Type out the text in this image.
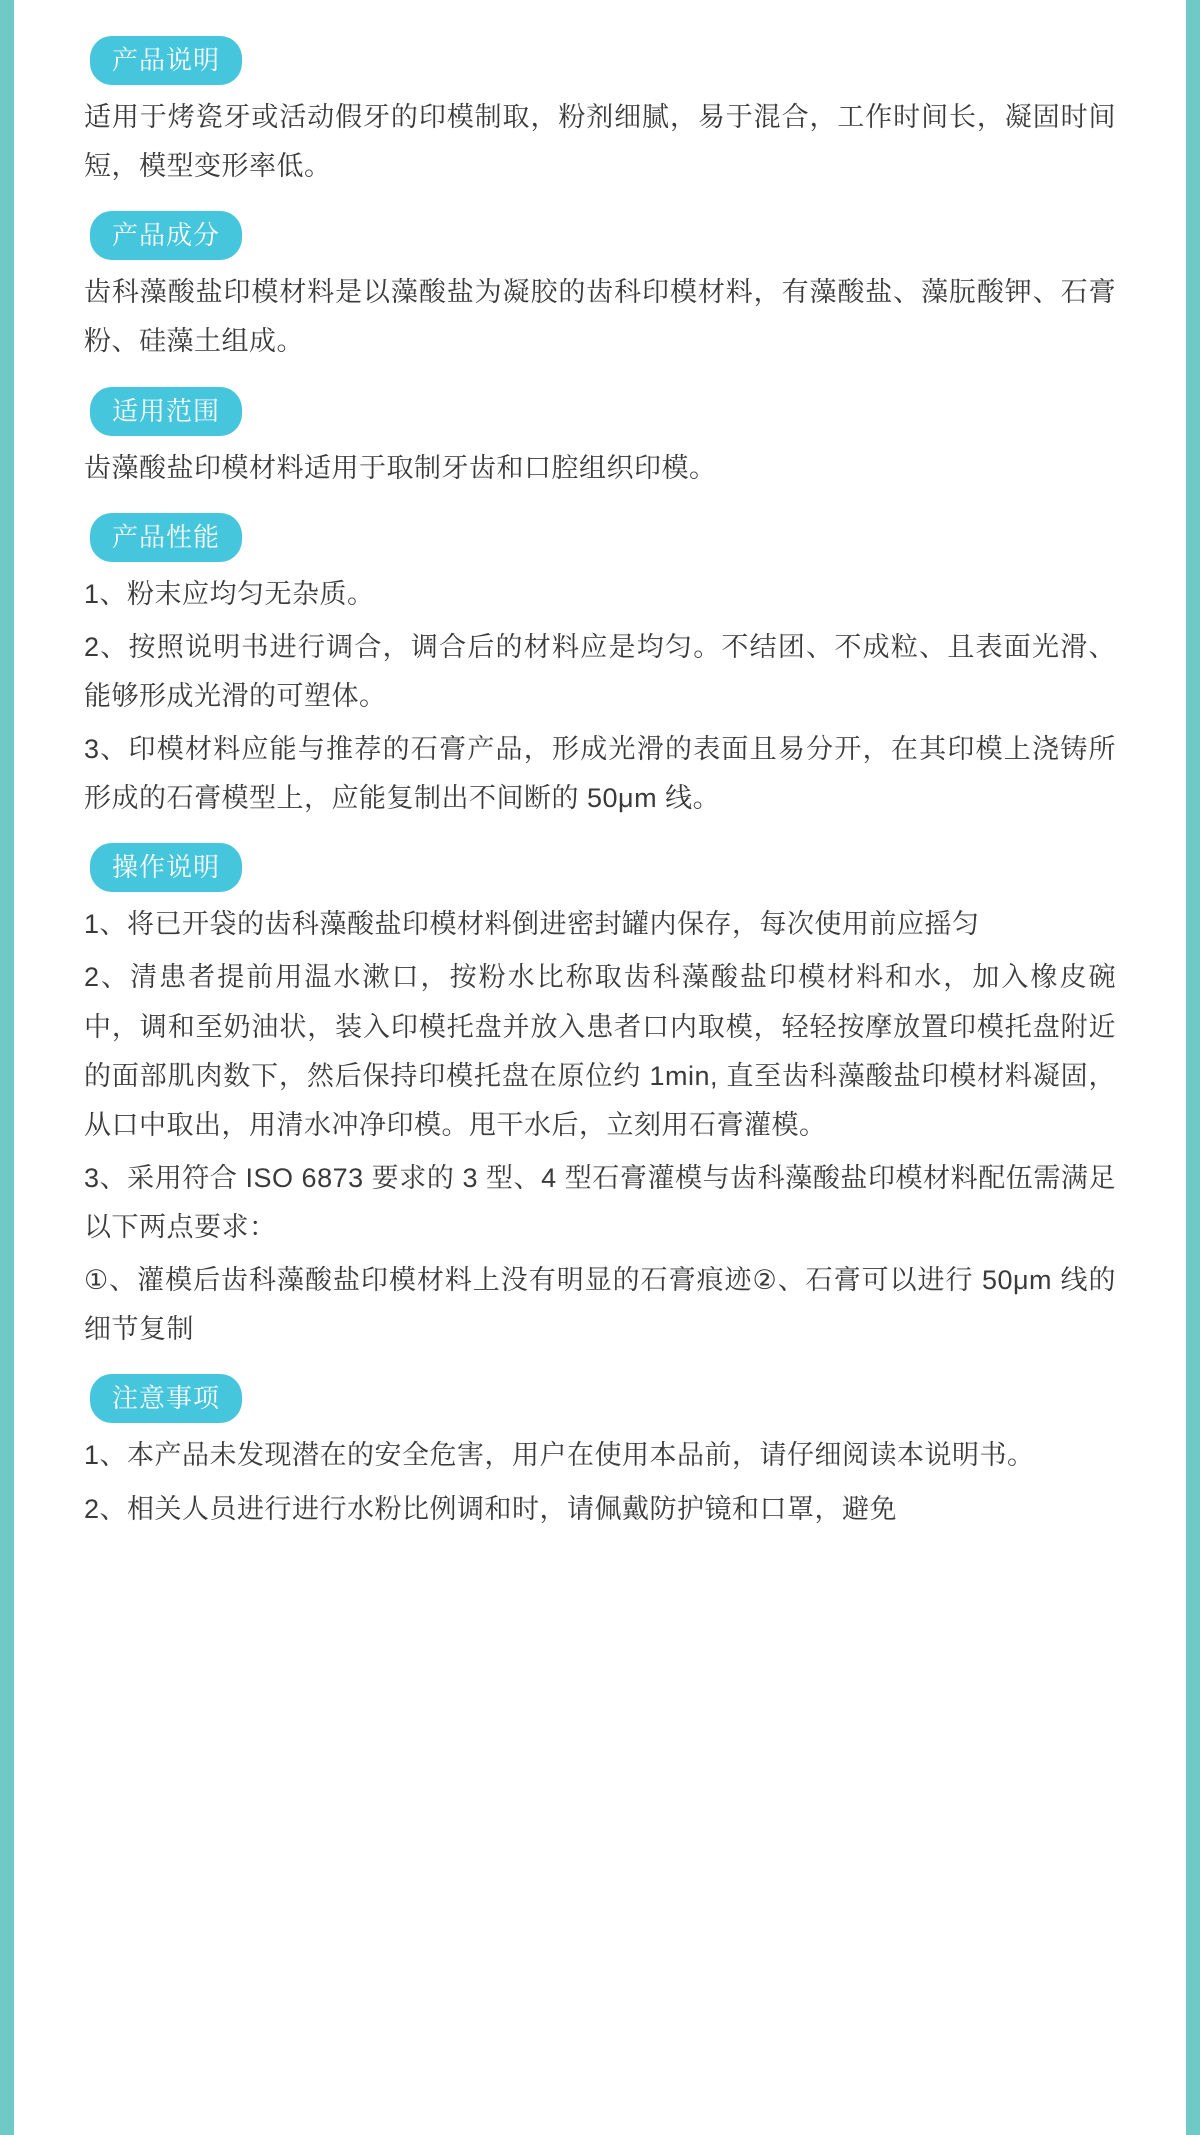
产品说明

适用于烤瓷牙或活动假牙的印模制取，粉剂细腻，易于混合，工作时间长，凝固时间短，模型变形率低。

产品成分

齿科藻酸盐印模材料是以藻酸盐为凝胶的齿科印模材料，有藻酸盐、藻朊酸钾、石膏粉、硅藻土组成。

适用范围

齿藻酸盐印模材料适用于取制牙齿和口腔组织印模。

产品性能

1、粉末应均匀无杂质。

2、按照说明书进行调合，调合后的材料应是均匀。不结团、不成粒、且表面光滑、能够形成光滑的可塑体。

3、印模材料应能与推荐的石膏产品，形成光滑的表面且易分开，在其印模上浇铸所形成的石膏模型上，应能复制出不间断的 50μm 线。

操作说明

1、将已开袋的齿科藻酸盐印模材料倒进密封罐内保存，每次使用前应摇匀

2、清患者提前用温水漱口，按粉水比称取齿科藻酸盐印模材料和水，加入橡皮碗中，调和至奶油状，装入印模托盘并放入患者口内取模，轻轻按摩放置印模托盘附近的面部肌肉数下，然后保持印模托盘在原位约 1min, 直至齿科藻酸盐印模材料凝固，从口中取出，用清水冲净印模。甩干水后，立刻用石膏灌模。

3、采用符合 ISO 6873 要求的 3 型、4 型石膏灌模与齿科藻酸盐印模材料配伍需满足以下两点要求：

①、灌模后齿科藻酸盐印模材料上没有明显的石膏痕迹②、石膏可以进行 50μm 线的细节复制

注意事项

1、本产品未发现潜在的安全危害，用户在使用本品前，请仔细阅读本说明书。

2、相关人员进行进行水粉比例调和时，请佩戴防护镜和口罩，避免
